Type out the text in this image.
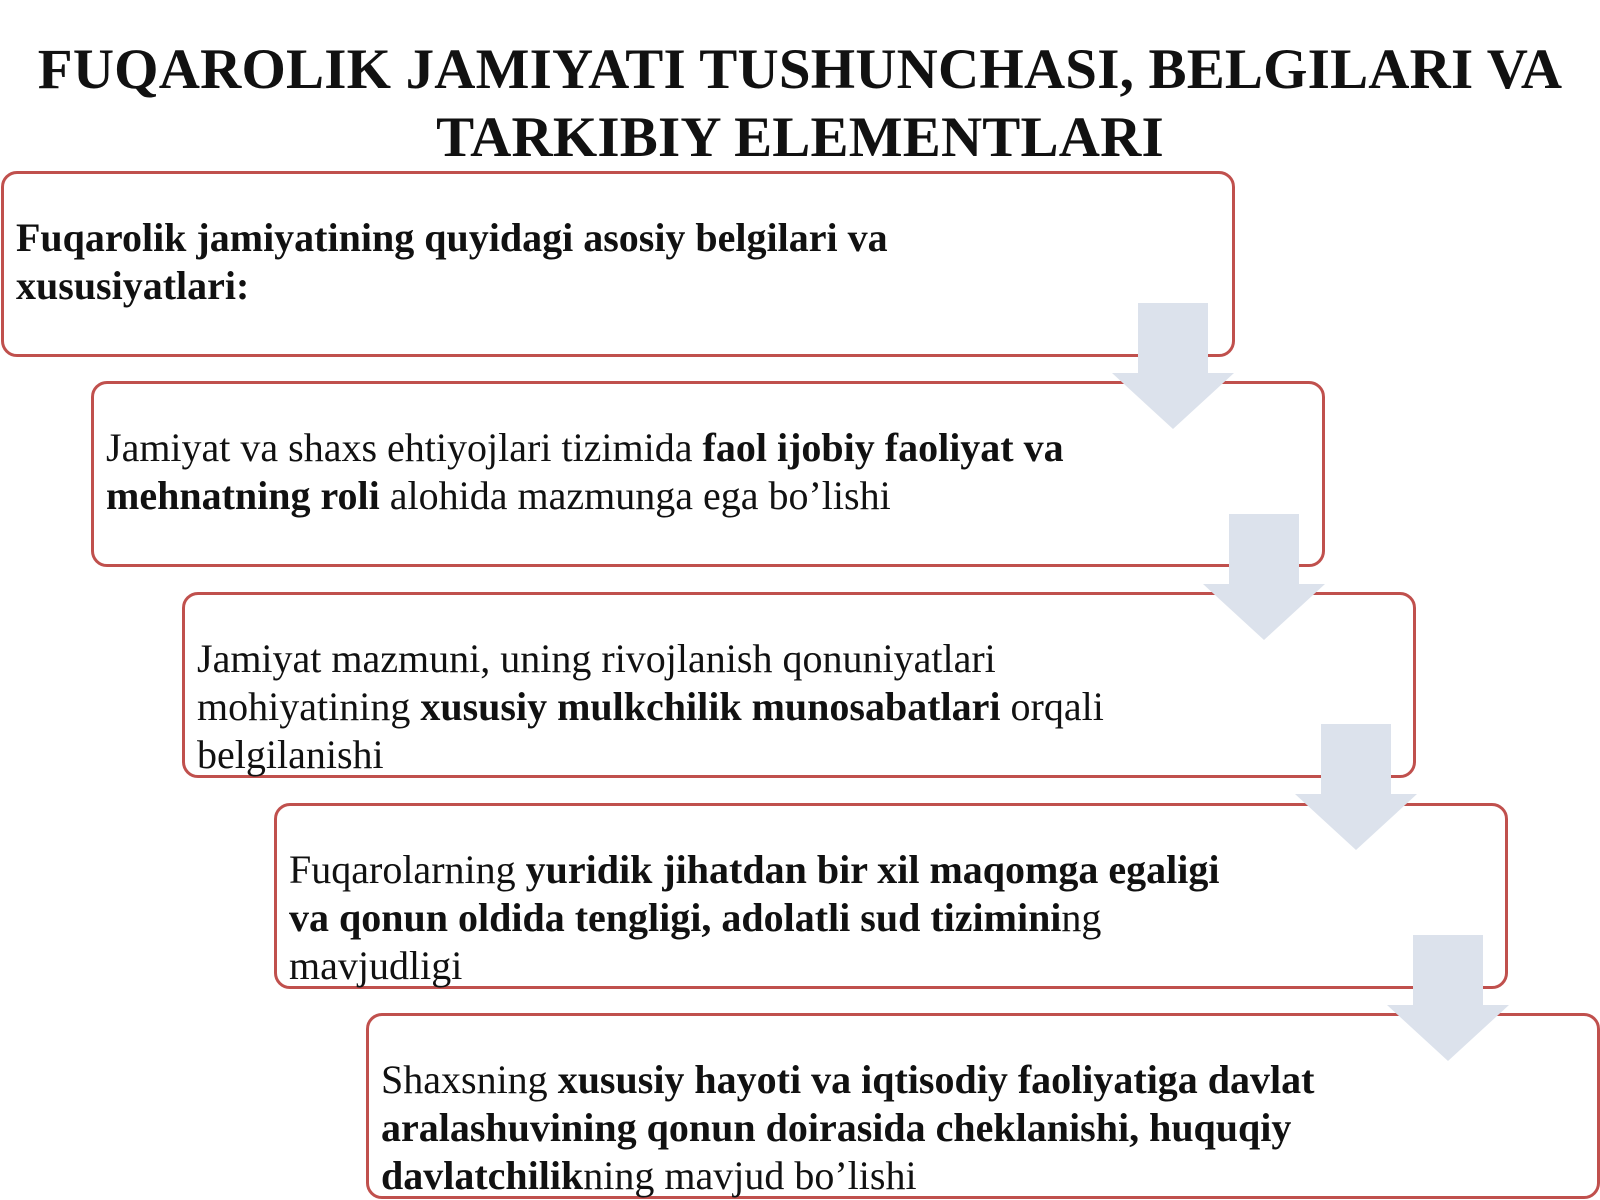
FUQAROLIK JAMIYATI TUSHUNCHASI, BELGILARI VA TARKIBIY ELEMENTLARI
Fuqarolik jamiyatining quyidagi asosiy belgilari va xususiyatlari:
Jamiyat va shaxs ehtiyojlari tizimida faol ijobiy faoliyat va mehnatning roli alohida mazmunga ega bo’lishi
Jamiyat mazmuni, uning rivojlanish qonuniyatlari mohiyatining xususiy mulkchilik munosabatlari orqali belgilanishi
Fuqarolarning yuridik jihatdan bir xil maqomga egaligi va qonun oldida tengligi, adolatli sud tizimining mavjudligi
Shaxsning xususiy hayoti va iqtisodiy faoliyatiga davlat aralashuvining qonun doirasida cheklanishi, huquqiy davlatchilikning mavjud bo’lishi
